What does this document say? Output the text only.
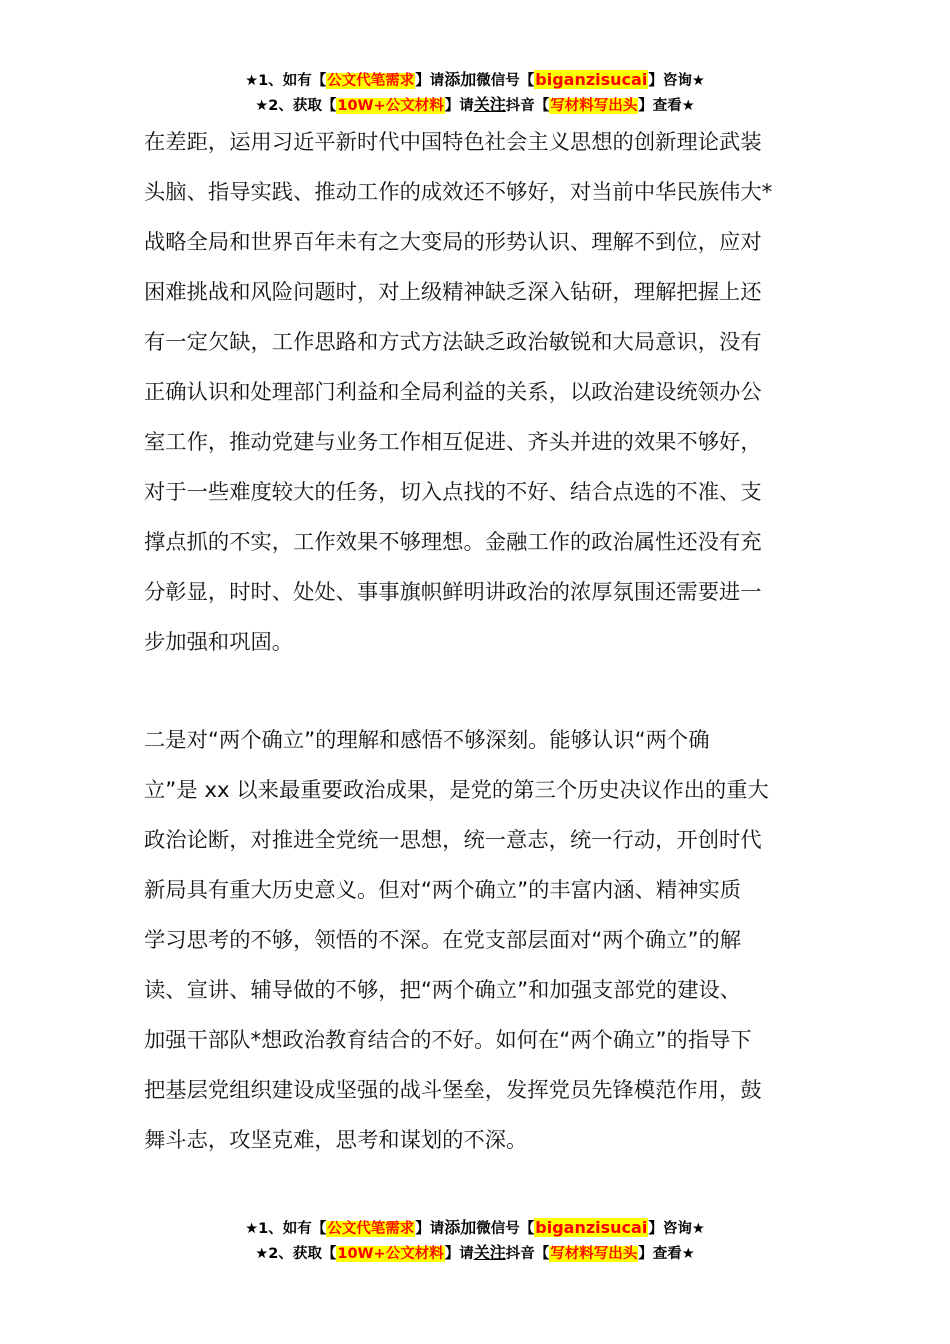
★1、如有【公文代笔需求】请添加微信号【biganzisucai】咨询★
★2、获取【10W+公文材料】请关注抖音【写材料写出头】查看★
在差距，运用习近平新时代中国特色社会主义思想的创新理论武装
头脑、指导实践、推动工作的成效还不够好，对当前中华民族伟大*
战略全局和世界百年未有之大变局的形势认识、理解不到位，应对
困难挑战和风险问题时，对上级精神缺乏深入钻研，理解把握上还
有一定欠缺，工作思路和方式方法缺乏政治敏锐和大局意识，没有
正确认识和处理部门利益和全局利益的关系，以政治建设统领办公
室工作，推动党建与业务工作相互促进、齐头并进的效果不够好，
对于一些难度较大的任务，切入点找的不好、结合点选的不准、支
撑点抓的不实，工作效果不够理想。金融工作的政治属性还没有充
分彰显，时时、处处、事事旗帜鲜明讲政治的浓厚氛围还需要进一
步加强和巩固。
二是对“两个确立”的理解和感悟不够深刻。能够认识“两个确
立”是 xx 以来最重要政治成果，是党的第三个历史决议作出的重大
政治论断，对推进全党统一思想，统一意志，统一行动，开创时代
新局具有重大历史意义。但对“两个确立”的丰富内涵、精神实质
学习思考的不够，领悟的不深。在党支部层面对“两个确立”的解
读、宣讲、辅导做的不够，把“两个确立”和加强支部党的建设、
加强干部队*想政治教育结合的不好。如何在“两个确立”的指导下
把基层党组织建设成坚强的战斗堡垒，发挥党员先锋模范作用，鼓
舞斗志，攻坚克难，思考和谋划的不深。
★1、如有【公文代笔需求】请添加微信号【biganzisucai】咨询★
★2、获取【10W+公文材料】请关注抖音【写材料写出头】查看★
